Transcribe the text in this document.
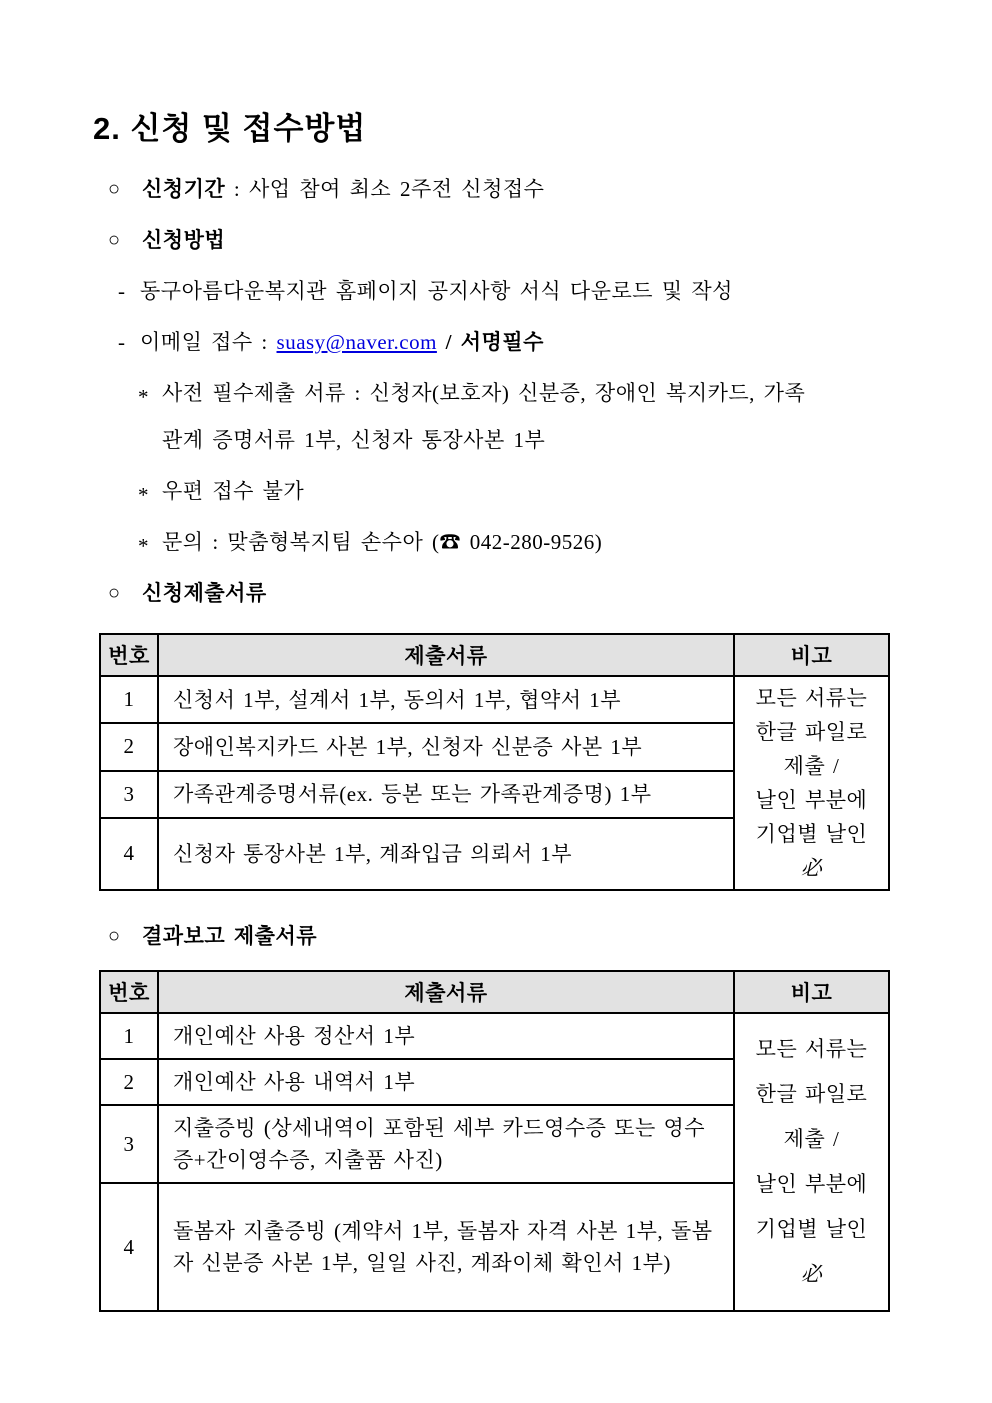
2. 신청 및 접수방법
○	신청기간 : 사업 참여 최소 2주전 신청접수
○	신청방법
- 동구아름다운복지관 홈페이지 공지사항 서식 다운로드 및 작성
- 이메일 접수 : suasy@naver.com / 서명필수
* 사전 필수제출 서류 : 신청자(보호자) 신분증, 장애인 복지카드, 가족
관계 증명서류 1부, 신청자 통장사본 1부
* 우편 접수 불가
* 문의 : 맞춤형복지팀 손수아 (☎ 042-280-9526)
○	신청제출서류
번호	제출서류	비고
1	신청서 1부, 설계서 1부, 동의서 1부, 협약서 1부	모든 서류는
한글 파일로
제출 /
날인 부분에
기업별 날인
必

2	장애인복지카드 사본 1부, 신청자 신분증 사본 1부	
3	가족관계증명서류(ex. 등본 또는 가족관계증명) 1부	
4	신청자 통장사본 1부, 계좌입금 의뢰서 1부	
○	결과보고 제출서류
번호	제출서류	비고
1	개인예산 사용 정산서 1부	
모든 서류는
한글 파일로
제출 /
날인 부분에
기업별 날인
必

2	개인예산 사용 내역서 1부	
3	지출증빙 (상세내역이 포함된 세부 카드영수증 또는 영수증+간이영수증, 지출품 사진)	
4	돌봄자 지출증빙 (계약서 1부, 돌봄자 자격 사본 1부, 돌봄자 신분증 사본 1부, 일일 사진, 계좌이체 확인서 1부)	
